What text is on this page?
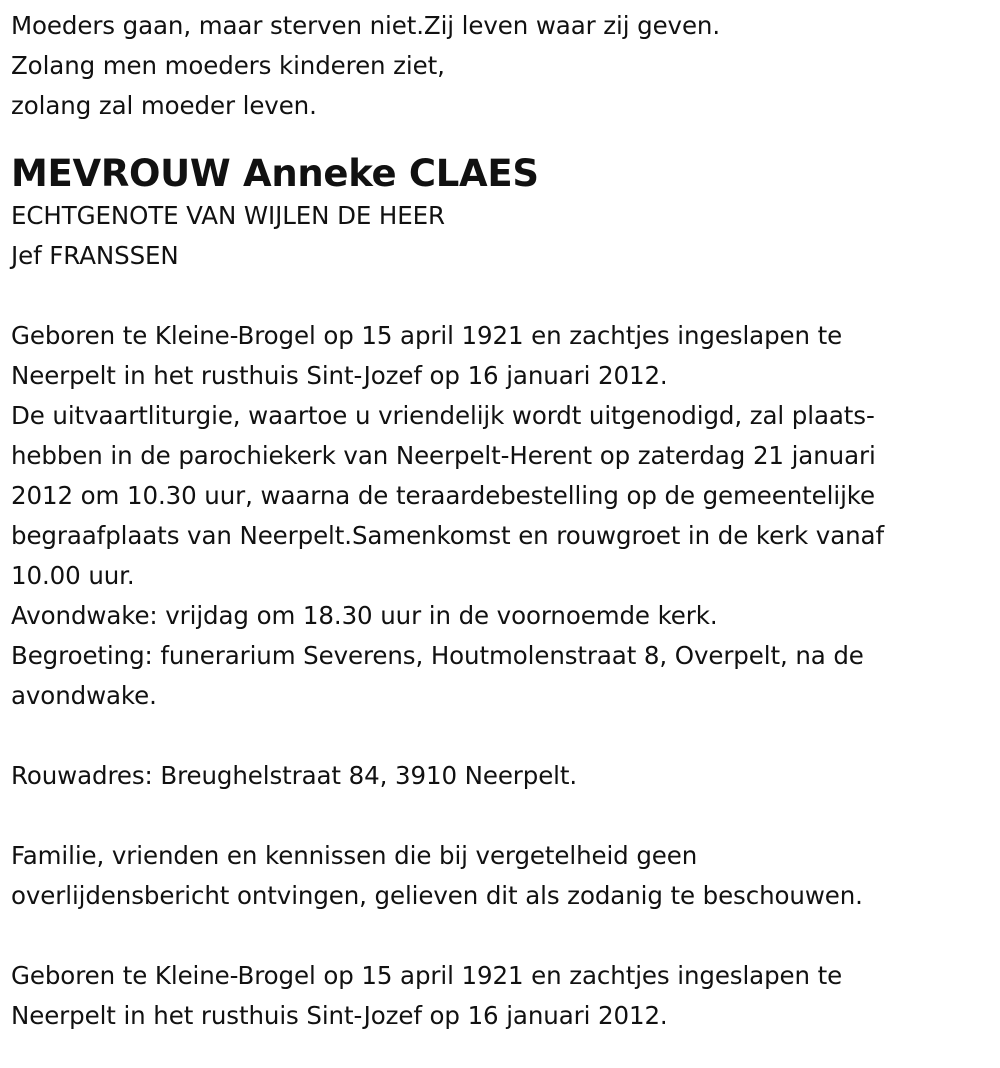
Moeders gaan, maar sterven niet.Zij leven waar zij geven.
Zolang men moeders kinderen ziet,
zolang zal moeder leven.
MEVROUW Anneke CLAES
ECHTGENOTE VAN WIJLEN DE HEER
Jef FRANSSEN
Geboren te Kleine-Brogel op 15 april 1921 en zachtjes ingeslapen te
Neerpelt in het rusthuis Sint-Jozef op 16 januari 2012.
De uitvaartliturgie, waartoe u vriendelijk wordt uitgenodigd, zal plaats-
hebben in de parochiekerk van Neerpelt-Herent op zaterdag 21 januari
2012 om 10.30 uur, waarna de teraardebestelling op de gemeentelijke
begraafplaats van Neerpelt.Samenkomst en rouwgroet in de kerk vanaf
10.00 uur.
Avondwake: vrijdag om 18.30 uur in de voornoemde kerk.
Begroeting: funerarium Severens, Houtmolenstraat 8, Overpelt, na de
avondwake.
Rouwadres: Breughelstraat 84, 3910 Neerpelt.
Familie, vrienden en kennissen die bij vergetelheid geen
overlijdensbericht ontvingen, gelieven dit als zodanig te beschouwen.
Geboren te Kleine-Brogel op 15 april 1921 en zachtjes ingeslapen te
Neerpelt in het rusthuis Sint-Jozef op 16 januari 2012.
